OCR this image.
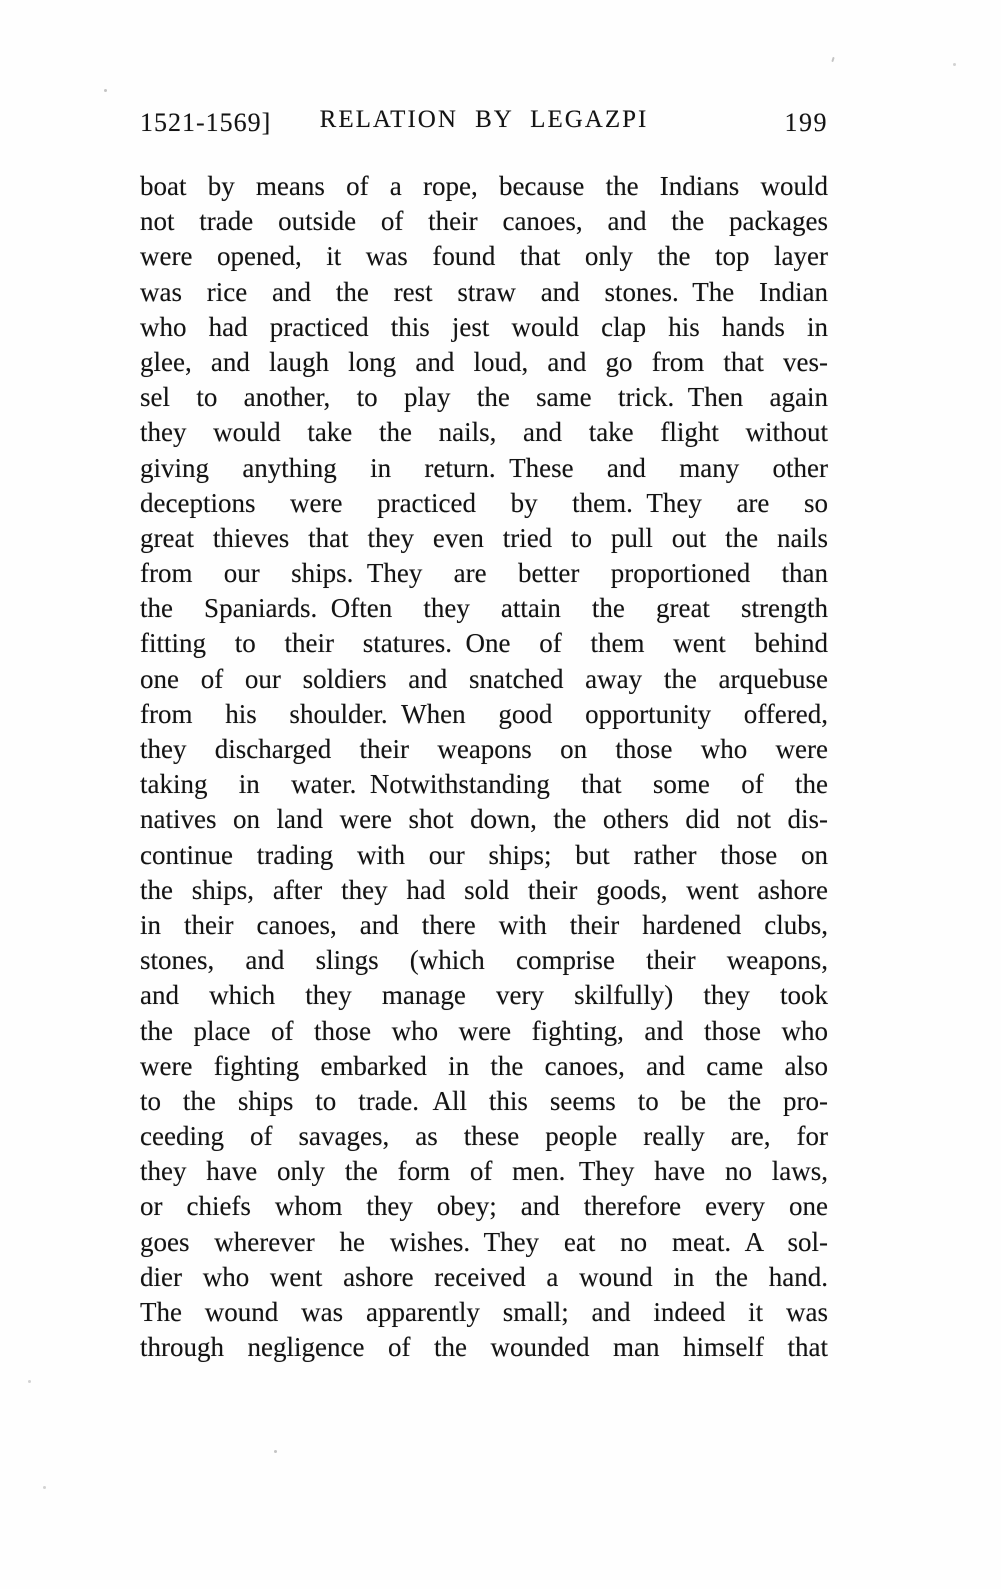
1521-1569]	RELATION BY LEGAZPI	199
boat by means of a rope, because the Indians would
not trade outside of their canoes, and the packages
were opened, it was found that only the top layer
was rice and the rest straw and stones. The Indian
who had practiced this jest would clap his hands in
glee, and laugh long and loud, and go from that ves-
sel to another, to play the same trick. Then again
they would take the nails, and take flight without
giving anything in return. These and many other
deceptions were practiced by them. They are so
great thieves that they even tried to pull out the nails
from our ships. They are better proportioned than
the Spaniards. Often they attain the great strength
fitting to their statures. One of them went behind
one of our soldiers and snatched away the arquebuse
from his shoulder. When good opportunity offered,
they discharged their weapons on those who were
taking in water. Notwithstanding that some of the
natives on land were shot down, the others did not dis-
continue trading with our ships; but rather those on
the ships, after they had sold their goods, went ashore
in their canoes, and there with their hardened clubs,
stones, and slings (which comprise their weapons,
and which they manage very skilfully) they took
the place of those who were fighting, and those who
were fighting embarked in the canoes, and came also
to the ships to trade. All this seems to be the pro-
ceeding of savages, as these people really are, for
they have only the form of men. They have no laws,
or chiefs whom they obey; and therefore every one
goes wherever he wishes. They eat no meat. A sol-
dier who went ashore received a wound in the hand.
The wound was apparently small; and indeed it was
through negligence of the wounded man himself that
